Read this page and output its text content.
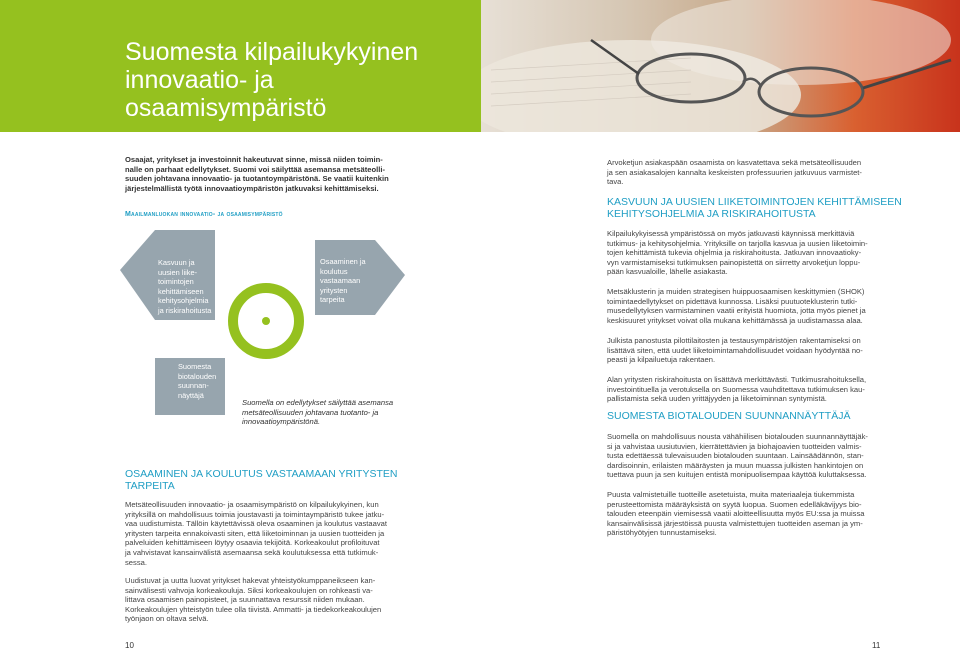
Suomesta kilpailukykyinen
innovaatio- ja osaamisympäristö

Osaajat, yritykset ja investoinnit hakeutuvat sinne, missä niiden toimin-

nalle on parhaat edellytykset. Suomi voi säilyttää asemansa metsäteolli-

suuden johtavana innovaatio- ja tuotantoympäristönä. Se vaatii kuitenkin

järjestelmällistä työtä innovaatioympäristön jatkuvaksi kehittämiseksi.

Maailmanluokan innovaatio- ja osaamisympäristö
Kasvuun ja
uusien liike-
toimintojen
kehittämiseen
kehitysohjelmia
ja riskirahoitusta
Osaaminen ja
koulutus
vastaamaan
yritysten
tarpeita
Suomesta
biotalouden
suunnan-
näyttäjä
Suomella on edellytykset säilyttää asemansa
metsäteollisuuden johtavana tuotanto- ja
innovaatioympäristönä.

OSAAMINEN JA KOULUTUS VASTAAMAAN YRITYSTEN

TARPEITA

Metsäteollisuuden innovaatio- ja osaamisympäristö on kilpailukykyinen, kun

yrityksillä on mahdollisuus toimia joustavasti ja toimintaympäristö tukee jatku-

vaa uudistumista. Tällöin käytettävissä oleva osaaminen ja koulutus vastaavat

yritysten tarpeita ennakoivasti siten, että liiketoiminnan ja uusien tuotteiden ja

palveluiden kehittämiseen löytyy osaavia tekijöitä. Korkeakoulut profiloituvat

ja vahvistavat kansainvälistä asemaansa sekä koulutuksessa että tutkimuk-

sessa.

Uudistuvat ja uutta luovat yritykset hakevat yhteistyökumppaneikseen kan-

sainvälisesti vahvoja korkeakouluja. Siksi korkeakoulujen on rohkeasti va-

littava osaamisen painopisteet, ja suunnattava resurssit niiden mukaan.

Korkeakoulujen yhteistyön tulee olla tiivistä. Ammatti- ja tiedekorkeakoulujen

työnjaon on oltava selvä.

10

Arvoketjun asiakaspään osaamista on kasvatettava sekä metsäteollisuuden

ja sen asiakasalojen kannalta keskeisten professuurien jatkuvuus varmistet-

tava.

KASVUUN JA UUSIEN LIIKETOIMINTOJEN KEHITTÄMISEEN

KEHITYSOHJELMIA JA RISKIRAHOITUSTA

Kilpailukykyisessä ympäristössä on myös jatkuvasti käynnissä merkittäviä

tutkimus- ja kehitysohjelmia. Yrityksille on tarjolla kasvua ja uusien liiketoimin-

tojen kehittämistä tukevia ohjelmia ja riskirahoitusta. Jatkuvan innovaatioky-

vyn varmistamiseksi tutkimuksen painopistettä on siirretty arvoketjun loppu-

pään kasvualoille, lähelle asiakasta.

Metsäklusterin ja muiden strategisen huippuosaamisen keskittymien (SHOK)

toimintaedellytykset on pidettävä kunnossa. Lisäksi puutuoteklusterin tutki-

musedellytyksen varmistaminen vaatii erityistä huomiota, jotta myös pienet ja

keskisuuret yritykset voivat olla mukana kehittämässä ja uudistamassa alaa.

Julkista panostusta pilottilaitosten ja testausympäristöjen rakentamiseksi on

lisättävä siten, että uudet liiketoimintamahdollisuudet voidaan hyödyntää no-

peasti ja kilpailuetuja rakentaen.

Alan yritysten riskirahoitusta on lisättävä merkittävästi. Tutkimusrahoituksella,

investointituella ja verotuksella on Suomessa vauhditettava tutkimuksen kau-

pallistamista sekä uuden yrittäjyyden ja liiketoiminnan syntymistä.

SUOMESTA BIOTALOUDEN SUUNNANNÄYTTÄJÄ

Suomella on mahdollisuus nousta vähähiilisen biotalouden suunnannäyttäjäk-

si ja vahvistaa uusiutuvien, kierrätettävien ja biohajoavien tuotteiden valmis-

tusta edettäessä tulevaisuuden biotalouden suuntaan. Lainsäädännön, stan-

dardisoinnin, erilaisten määräysten ja muun muassa julkisten hankintojen on

tuettava puun ja sen kuitujen entistä monipuolisempaa käyttöä kuluttaksessa.

Puusta valmistetuille tuotteille asetetuista, muita materiaaleja tiukemmista

perusteettomista määräyksistä on syytä luopua. Suomen edelläkävijyys bio-

talouden eteenpäin viemisessä vaatii aloitteellisuutta myös EU:ssa ja muissa

kansainvälisissä järjestöissä puusta valmistettujen tuotteiden aseman ja ym-

päristöhyötyjen tunnustamiseksi.

11
